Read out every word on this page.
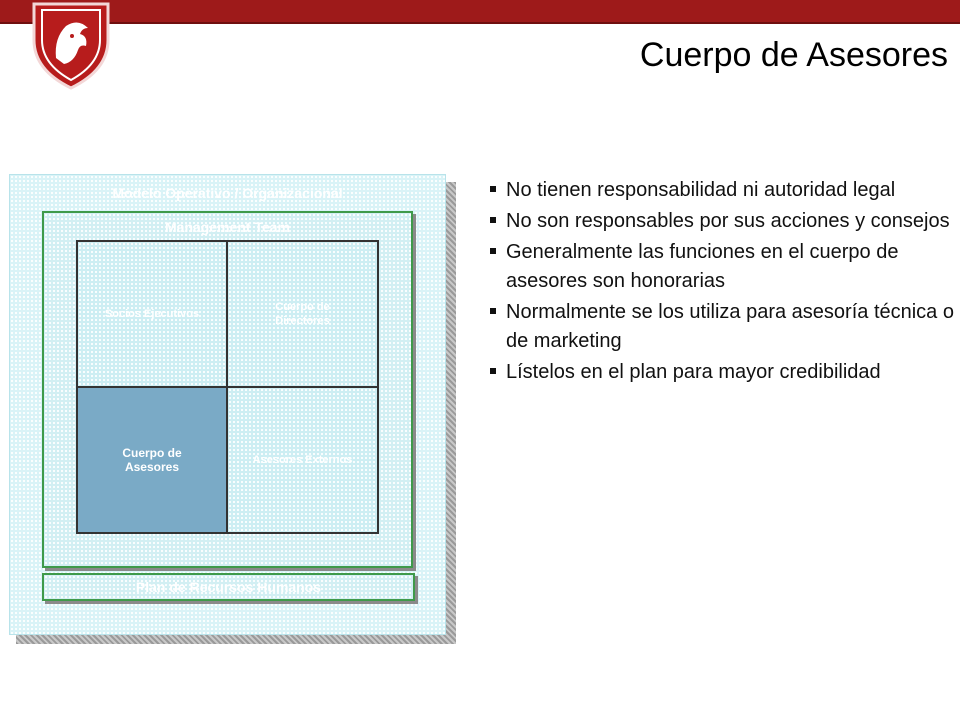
Cuerpo de Asesores
Modelo Operativo / Organizacional
Management Team
Socios Ejecutivos
Cuerpo de
Directores
Cuerpo de
Asesores	Asesores Externos
Plan de Recursos Humanos
No tienen responsabilidad ni autoridad legal
No son responsables por sus acciones y consejos
Generalmente las funciones en el cuerpo de asesores son honorarias
Normalmente se los utiliza para asesoría técnica o de marketing
Lístelos en el plan para mayor credibilidad
